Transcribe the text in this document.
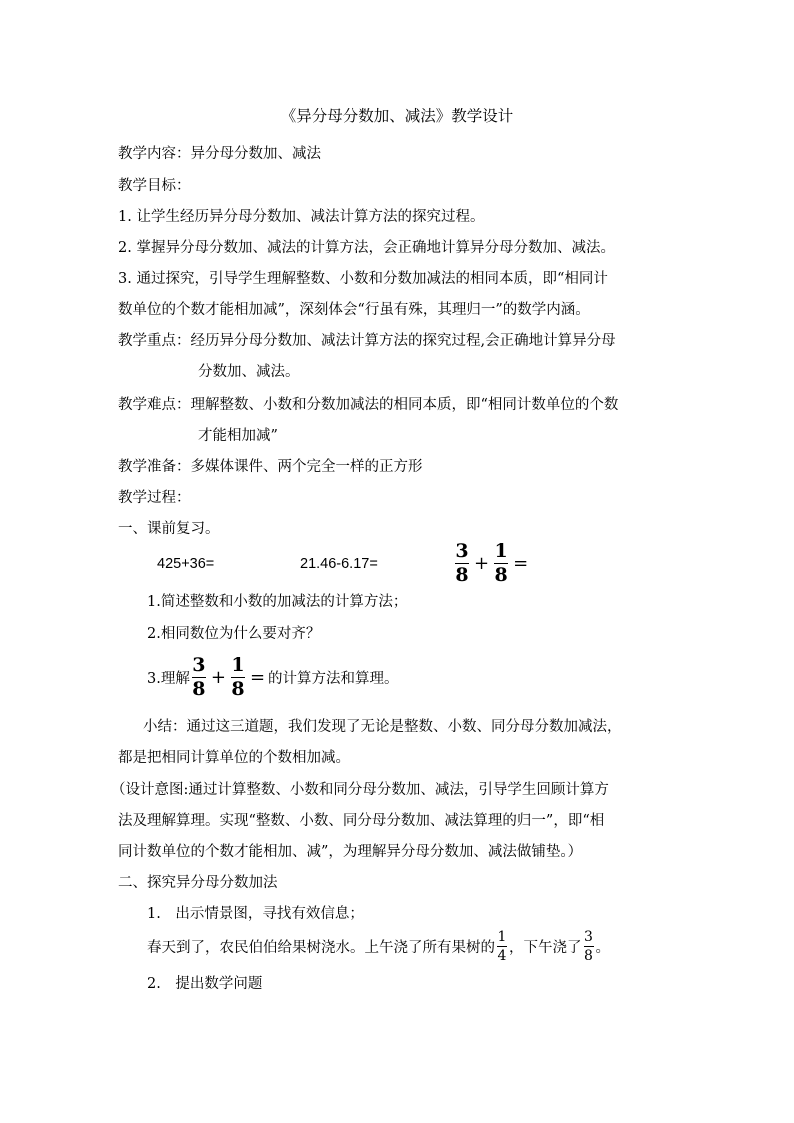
《异分母分数加、减法》教学设计
教学内容：异分母分数加、减法
教学目标：
1. 让学生经历异分母分数加、减法计算方法的探究过程。
2. 掌握异分母分数加、减法的计算方法，会正确地计算异分母分数加、减法。
3. 通过探究，引导学生理解整数、小数和分数加减法的相同本质，即“相同计
数单位的个数才能相加减”，深刻体会“行虽有殊，其理归一”的数学内涵。
教学重点：经历异分母分数加、减法计算方法的探究过程,会正确地计算异分母
分数加、减法。
教学难点：理解整数、小数和分数加减法的相同本质，即“相同计数单位的个数
才能相加减”
教学准备：多媒体课件、两个完全一样的正方形
教学过程：
一、课前复习。
425+36=	21.46-6.17=	$\frac{3}{8} + \frac{1}{8}$ =
1.简述整数和小数的加减法的计算方法；
2.相同数位为什么要对齐？
3.理解 $\frac{3}{8} + \frac{1}{8}$ = 的计算方法和算理。
小结：通过这三道题，我们发现了无论是整数、小数、同分母分数加减法，
都是把相同计算单位的个数相加减。
（设计意图:通过计算整数、小数和同分母分数加、减法，引导学生回顾计算方
法及理解算理。实现“整数、小数、同分母分数加、减法算理的归一”，即“相
同计数单位的个数才能相加、减”，为理解异分母分数加、减法做铺垫。）
二、探究异分母分数加法
1.　出示情景图，寻找有效信息；
春天到了，农民伯伯给果树浇水。上午浇了所有果树的 $\frac{1}{4}$ ，下午浇了 $\frac{3}{8}$ 。
2.　提出数学问题
